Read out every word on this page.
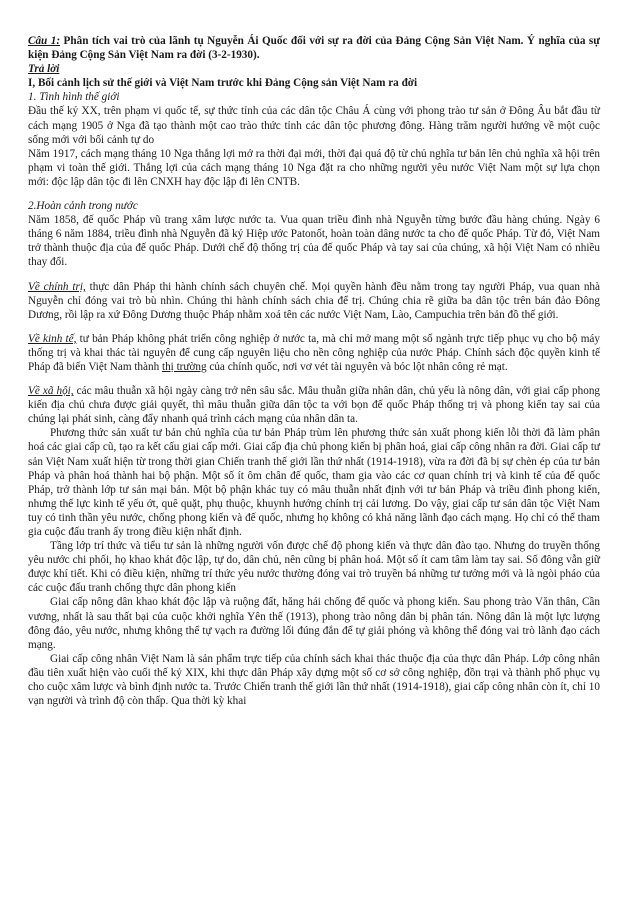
Câu 1: Phân tích vai trò của lãnh tụ Nguyễn Ái Quốc đối với sự ra đời của Đảng Cộng Sản Việt Nam. Ý nghĩa của sự kiện Đảng Cộng Sản Việt Nam ra đời (3-2-1930).

Trả lời

I, Bối cảnh lịch sử thế giới và Việt Nam trước khi Đảng Cộng sản Việt Nam ra đời

1. Tình hình thế giới

Đầu thế kỷ XX, trên phạm vi quốc tế, sự thức tỉnh của các dân tộc Châu Á cùng với phong trào tư sản ở Đông Âu bắt đầu từ cách mạng 1905 ở Nga đã tạo thành một cao trào thức tỉnh các dân tộc phương đông. Hàng trăm người hướng về một cuộc sống mới với bối cảnh tự do

Năm 1917, cách mạng tháng 10 Nga thắng lợi mở ra thời đại mới, thời đại quá độ từ chủ nghĩa tư bản lên chủ nghĩa xã hội trên phạm vi toàn thế giới. Thắng lợi của cách mạng tháng 10 Nga đặt ra cho những người yêu nước Việt Nam một sự lựa chọn mới: độc lập dân tộc đi lên CNXH hay độc lập đi lên CNTB.

2.Hoàn cảnh trong nước

Năm 1858, đế quốc Pháp vũ trang xâm lược nước ta. Vua quan triều đình nhà Nguyễn từng bước đầu hàng chúng. Ngày 6 tháng 6 năm 1884, triều đình nhà Nguyễn đã ký Hiệp ước Patonốt, hoàn toàn dâng nước ta cho đế quốc Pháp. Từ đó, Việt Nam trở thành thuộc địa của đế quốc Pháp. Dưới chế độ thống trị của đế quốc Pháp và tay sai của chúng, xã hội Việt Nam có nhiều thay đổi.

Về chính trị, thực dân Pháp thi hành chính sách chuyên chế. Mọi quyền hành đều nằm trong tay người Pháp, vua quan nhà Nguyễn chỉ đóng vai trò bù nhìn. Chúng thi hành chính sách chia để trị. Chúng chia rẽ giữa ba dân tộc trên bán đảo Đông Dương, rồi lập ra xứ Đông Dương thuộc Pháp nhằm xoá tên các nước Việt Nam, Lào, Campuchia trên bản đồ thế giới.

Về kinh tế, tư bản Pháp không phát triển công nghiệp ở nước ta, mà chỉ mở mang một số ngành trực tiếp phục vụ cho bộ máy thống trị và khai thác tài nguyên để cung cấp nguyên liệu cho nền công nghiệp của nước Pháp. Chính sách độc quyền kinh tế Pháp đã biến Việt Nam thành thị trường của chính quốc, nơi vơ vét tài nguyên và bóc lột nhân công rẻ mạt.

Về xã hội, các mâu thuẫn xã hội ngày càng trở nên sâu sắc. Mâu thuẫn giữa nhân dân, chủ yếu là nông dân, với giai cấp phong kiến địa chủ chưa được giải quyết, thì mâu thuẫn giữa dân tộc ta với bọn đế quốc Pháp thống trị và phong kiến tay sai của chúng lại phát sinh, càng đẩy nhanh quá trình cách mạng của nhân dân ta.

Phương thức sản xuất tư bản chủ nghĩa của tư bản Pháp trùm lên phương thức sản xuất phong kiến lỗi thời đã làm phân hoá các giai cấp cũ, tạo ra kết cấu giai cấp mới. Giai cấp địa chủ phong kiến bị phân hoá, giai cấp công nhân ra đời. Giai cấp tư sản Việt Nam xuất hiện từ trong thời gian Chiến tranh thế giới lần thứ nhất (1914-1918), vừa ra đời đã bị sự chèn ép của tư bản Pháp và phân hoá thành hai bộ phận. Một số ít ôm chân đế quốc, tham gia vào các cơ quan chính trị và kinh tế của đế quốc Pháp, trở thành lớp tư sản mại bản. Một bộ phận khác tuy có mâu thuẫn nhất định với tư bản Pháp và triều đình phong kiến, nhưng thế lực kinh tế yếu ớt, quê quặt, phụ thuộc, khuynh hướng chính trị cải lương. Do vậy, giai cấp tư sản dân tộc Việt Nam tuy có tinh thần yêu nước, chống phong kiến và đế quốc, nhưng họ không có khả năng lãnh đạo cách mạng. Họ chỉ có thể tham gia cuộc đấu tranh ấy trong điều kiện nhất định.

Tầng lớp trí thức và tiểu tư sản là những người vốn được chế độ phong kiến và thực dân đào tạo. Nhưng do truyền thống yêu nước chi phối, họ khao khát độc lập, tự do, dân chủ, nên cũng bị phân hoá. Một số ít cam tâm làm tay sai. Số đông vẫn giữ được khí tiết. Khi có điều kiện, những trí thức yêu nước thường đóng vai trò truyền bá những tư tưởng mới và là ngòi pháo của các cuộc đấu tranh chống thực dân phong kiến

Giai cấp nông dân khao khát độc lập và ruộng đất, hăng hái chống đế quốc và phong kiến. Sau phong trào Văn thân, Cần vương, nhất là sau thất bại của cuộc khởi nghĩa Yên thế (1913), phong trào nông dân bị phân tán. Nông dân là một lực lượng đông đảo, yêu nước, nhưng không thể tự vạch ra đường lối đúng đắn để tự giải phóng và không thể đóng vai trò lãnh đạo cách mạng.

Giai cấp công nhân Việt Nam là sản phẩm trực tiếp của chính sách khai thác thuộc địa của thực dân Pháp. Lớp công nhân đầu tiên xuất hiện vào cuối thế kỷ XIX, khi thực dân Pháp xây dựng một số cơ sở công nghiệp, đồn trại và thành phố phục vụ cho cuộc xâm lược và bình định nước ta. Trước Chiến tranh thế giới lần thứ nhất (1914-1918), giai cấp công nhân còn ít, chỉ 10 vạn người và trình độ còn thấp. Qua thời kỳ khai
